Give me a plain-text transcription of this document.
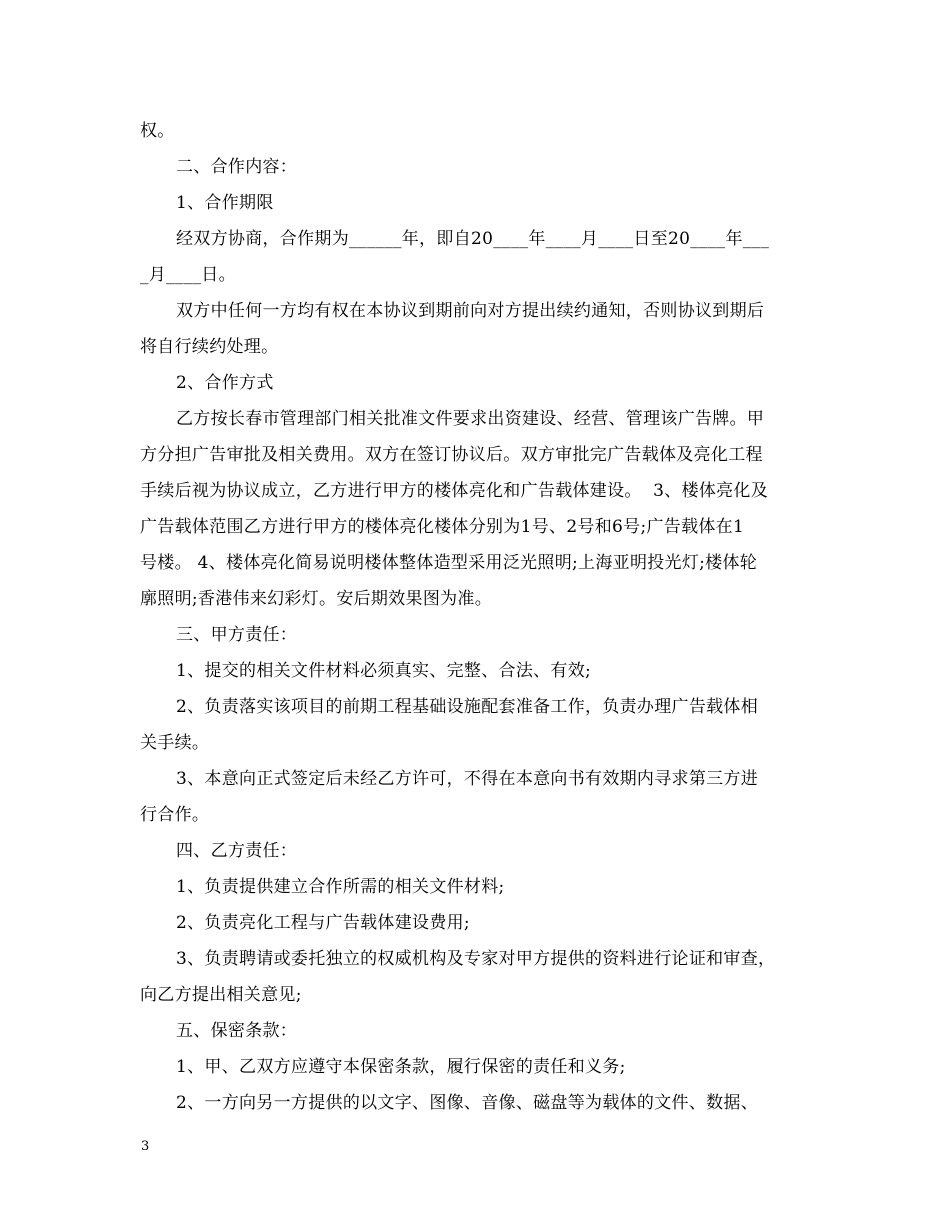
权。
二、合作内容：
1、合作期限
经双方协商，合作期为______年，即自20____年____月____日至20____年___
_月____日。
双方中任何一方均有权在本协议到期前向对方提出续约通知，否则协议到期后
将自行续约处理。
2、合作方式
乙方按长春市管理部门相关批准文件要求出资建设、经营、管理该广告牌。甲
方分担广告审批及相关费用。双方在签订协议后。双方审批完广告载体及亮化工程
手续后视为协议成立，乙方进行甲方的楼体亮化和广告载体建设。  3、楼体亮化及
广告载体范围乙方进行甲方的楼体亮化楼体分别为1号、2号和6号;广告载体在1
号楼。 4、楼体亮化简易说明楼体整体造型采用泛光照明;上海亚明投光灯;楼体轮
廓照明;香港伟来幻彩灯。安后期效果图为准。
三、甲方责任：
1、提交的相关文件材料必须真实、完整、合法、有效;
2、负责落实该项目的前期工程基础设施配套准备工作，负责办理广告载体相
关手续。
3、本意向正式签定后未经乙方许可，不得在本意向书有效期内寻求第三方进
行合作。
四、乙方责任：
1、负责提供建立合作所需的相关文件材料;
2、负责亮化工程与广告载体建设费用;
3、负责聘请或委托独立的权威机构及专家对甲方提供的资料进行论证和审查，
向乙方提出相关意见;
五、保密条款：
1、甲、乙双方应遵守本保密条款，履行保密的责任和义务;
2、一方向另一方提供的以文字、图像、音像、磁盘等为载体的文件、数据、
3
